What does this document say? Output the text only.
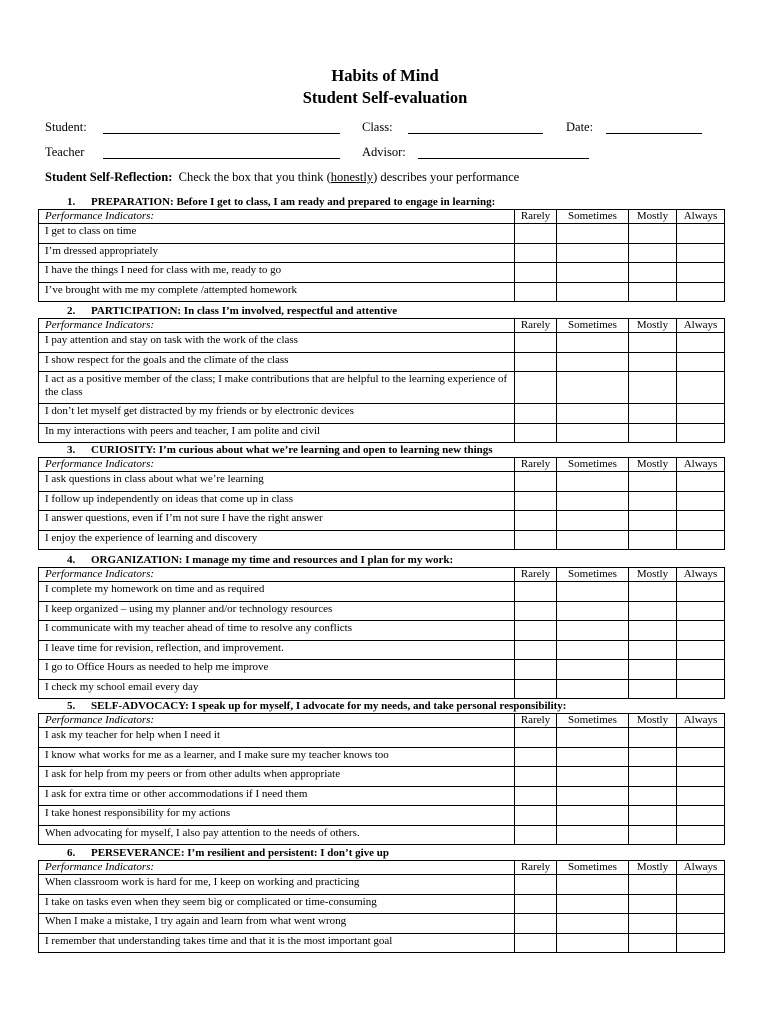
Habits of Mind
Student Self-evaluation
Student:	Class:	Date:
Teacher	Advisor:
Student Self-Reflection: Check the box that you think (honestly) describes your performance
1. PREPARATION: Before I get to class, I am ready and prepared to engage in learning:
Performance Indicators:	Rarely	Sometimes	Mostly	Always
I get to class on time				
I’m dressed appropriately				
I have the things I need for class with me, ready to go				
I’ve brought with me my complete /attempted homework				
2. PARTICIPATION: In class I’m involved, respectful and attentive
Performance Indicators:	Rarely	Sometimes	Mostly	Always
I pay attention and stay on task with the work of the class				
I show respect for the goals and the climate of the class				
I act as a positive member of the class; I make contributions that are helpful to the learning experience of the class				
I don’t let myself get distracted by my friends or by electronic devices				
In my interactions with peers and teacher, I am polite and civil				
3. CURIOSITY: I’m curious about what we’re learning and open to learning new things
Performance Indicators:	Rarely	Sometimes	Mostly	Always
I ask questions in class about what we’re learning				
I follow up independently on ideas that come up in class				
I answer questions, even if I’m not sure I have the right answer				
I enjoy the experience of learning and discovery				
4. ORGANIZATION: I manage my time and resources and I plan for my work:
Performance Indicators:	Rarely	Sometimes	Mostly	Always
I complete my homework on time and as required				
I keep organized – using my planner and/or technology resources				
I communicate with my teacher ahead of time to resolve any conflicts				
I leave time for revision, reflection, and improvement.				
I go to Office Hours as needed to help me improve				
I check my school email every day				
5. SELF-ADVOCACY: I speak up for myself, I advocate for my needs, and take personal responsibility:
Performance Indicators:	Rarely	Sometimes	Mostly	Always
I ask my teacher for help when I need it				
I know what works for me as a learner, and I make sure my teacher knows too				
I ask for help from my peers or from other adults when appropriate				
I ask for extra time or other accommodations if I need them				
I take honest responsibility for my actions				
When advocating for myself, I also pay attention to the needs of others.				
6. PERSEVERANCE: I’m resilient and persistent: I don’t give up
Performance Indicators:	Rarely	Sometimes	Mostly	Always
When classroom work is hard for me, I keep on working and practicing				
I take on tasks even when they seem big or complicated or time-consuming				
When I make a mistake, I try again and learn from what went wrong				
I remember that understanding takes time and that it is the most important goal				
